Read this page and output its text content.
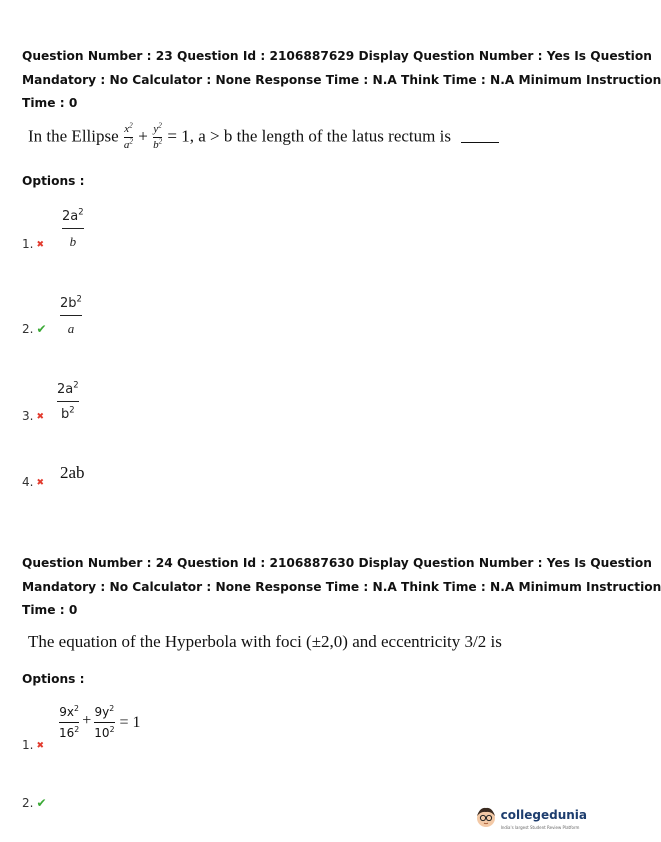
Question Number : 23 Question Id : 2106887629 Display Question Number : Yes Is Question
Mandatory : No Calculator : None Response Time : N.A Think Time : N.A Minimum Instruction
Time : 0
In the Ellipse $\frac{x^2}{a^2} + \frac{y^2}{b^2} = 1$, a > b the length of the latus rectum is
Options :
$2a^2$
b
1. ✖
$2b^2$
a
2. ✔
$2a^2$
$b^2$
3. ✖
2ab
4. ✖
Question Number : 24 Question Id : 2106887630 Display Question Number : Yes Is Question
Mandatory : No Calculator : None Response Time : N.A Think Time : N.A Minimum Instruction
Time : 0
The equation of the Hyperbola with foci (±2,0) and eccentricity 3/2 is
Options :
$\frac{9x^2}{16^2} + \frac{9y^2}{10^2} = 1$
1. ✖
2. ✔
collegedunia
India's largest Student Review Platform
